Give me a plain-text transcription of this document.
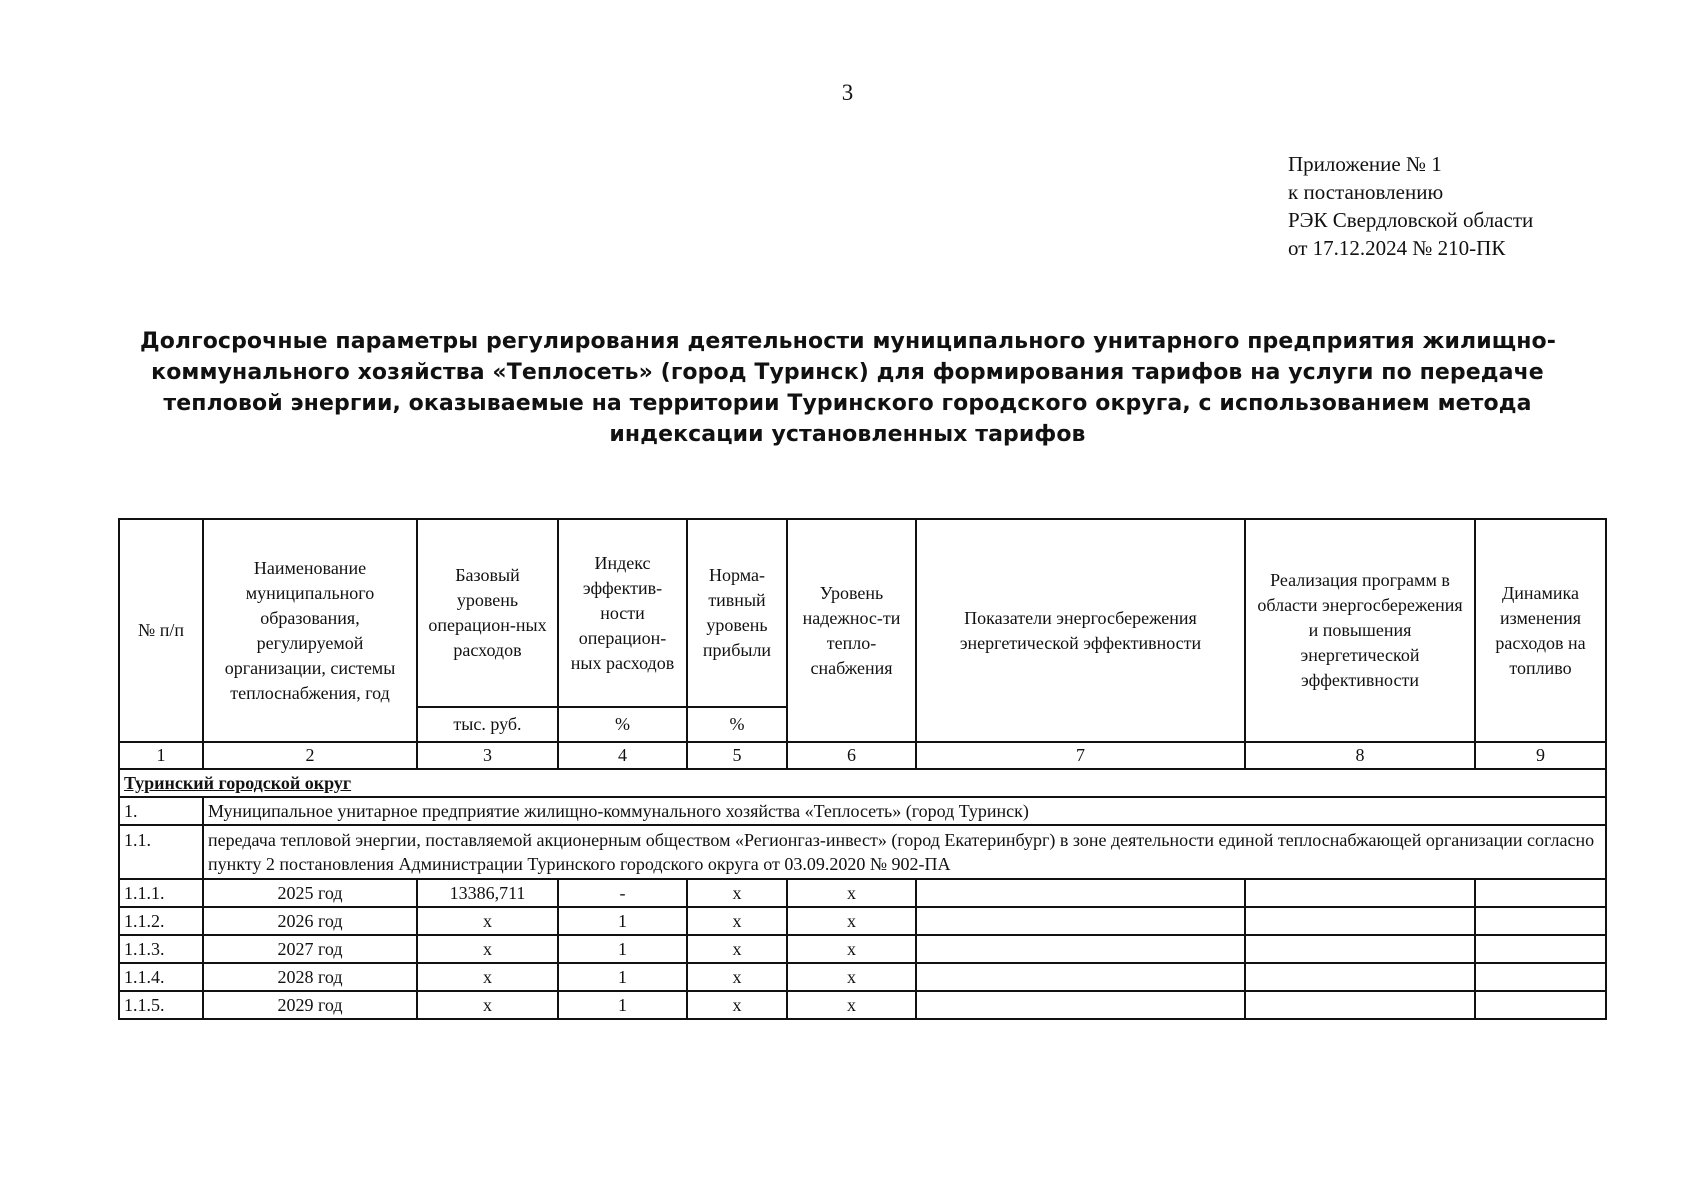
3
Приложение № 1
к постановлению
РЭК Свердловской области
от 17.12.2024 № 210-ПК
Долгосрочные параметры регулирования деятельности муниципального унитарного предприятия жилищно-
коммунального хозяйства «Теплосеть» (город Туринск) для формирования тарифов на услуги по передаче
тепловой энергии, оказываемые на территории Туринского городского округа, с использованием метода
индексации установленных тарифов
№ п/п	Наименование муниципального образования, регулируемой организации, системы теплоснабжения, год	Базовый уровень операцион-ных расходов	Индекс эффектив-ности операцион-ных расходов	Норма-тивный уровень прибыли	Уровень надежнос-ти тепло-снабжения	Показатели энергосбережения энергетической эффективности	Реализация программ в области энергосбережения и повышения энергетической эффективности	Динамика изменения расходов на топливо
		тыс. руб.	%	%				
1	2	3	4	5	6	7	8	9
Туринский городской округ								
1.	Муниципальное унитарное предприятие жилищно-коммунального хозяйства «Теплосеть» (город Туринск)							
1.1.	передача тепловой энергии, поставляемой акционерным обществом «Регионгаз-инвест» (город Екатеринбург) в зоне деятельности единой теплоснабжающей организации согласно пункту 2 постановления Администрации Туринского городского округа от 03.09.2020 № 902-ПА							
1.1.1.	2025 год	13386,711	-	х	х			
1.1.2.	2026 год	х	1	х	х			
1.1.3.	2027 год	х	1	х	х			
1.1.4.	2028 год	х	1	х	х			
1.1.5.	2029 год	х	1	х	х			
